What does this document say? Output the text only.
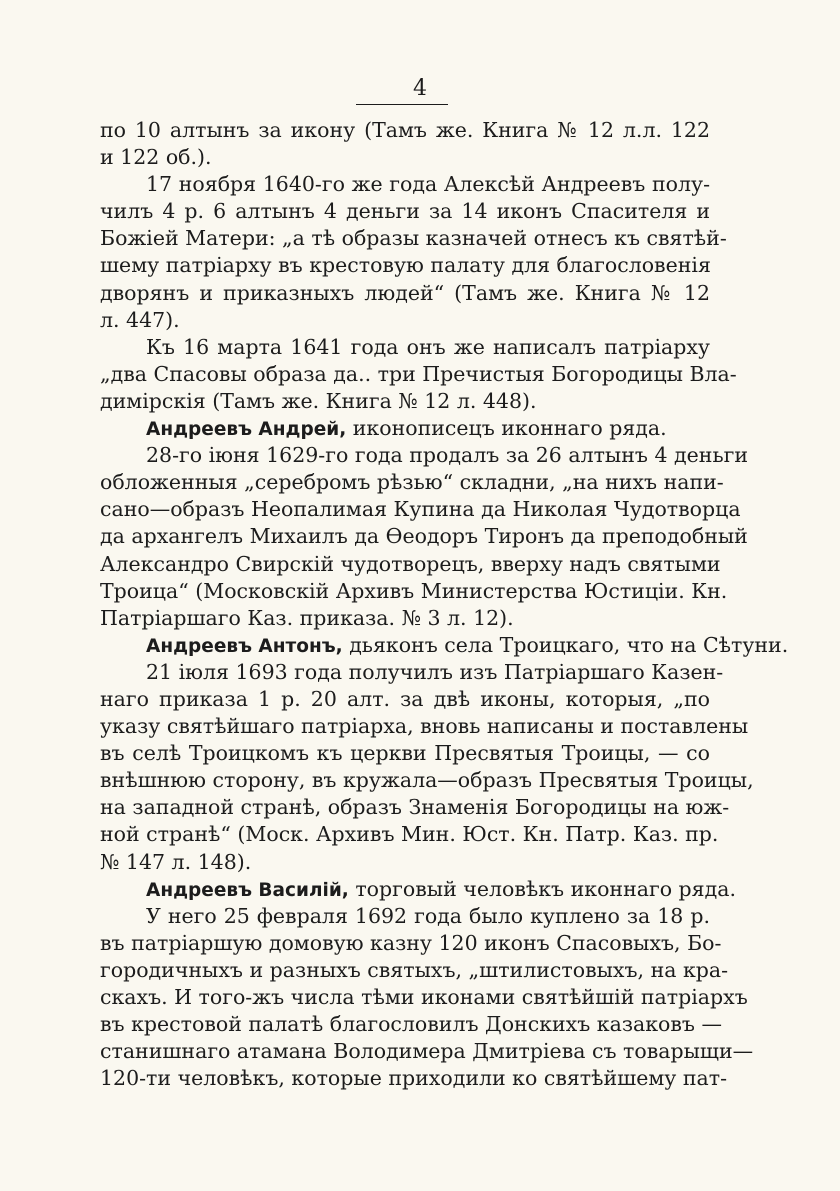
4
по 10 алтынъ за икону (Тамъ же. Книга № 12 л.л. 122
и 122 об.).
17 ноября 1640-го же года Алексѣй Андреевъ полу-
чилъ 4 р. 6 алтынъ 4 деньги за 14 иконъ Спасителя и
Божіей Матери: „а тѣ образы казначей отнесъ къ святѣй-
шему патріарху въ крестовую палату для благословенія
дворянъ и приказныхъ людей“ (Тамъ же. Книга № 12
л. 447).
Къ 16 марта 1641 года онъ же написалъ патріарху
„два Спасовы образа да.. три Пречистыя Богородицы Вла-
димірскія (Тамъ же. Книга № 12 л. 448).
Андреевъ Андрей, иконописецъ иконнаго ряда.
28-го іюня 1629-го года продалъ за 26 алтынъ 4 деньги
обложенныя „серебромъ рѣзью“ складни, „на нихъ напи-
сано—образъ Неопалимая Купина да Николая Чудотворца
да архангелъ Михаилъ да Ѳеодоръ Тиронъ да преподобный
Александро Свирскій чудотворецъ, вверху надъ святыми
Троица“ (Московскій Архивъ Министерства Юстиціи. Кн.
Патріаршаго Каз. приказа. № 3 л. 12).
Андреевъ Антонъ, дьяконъ села Троицкаго, что на Сѣтуни.
21 іюля 1693 года получилъ изъ Патріаршаго Казен-
наго приказа 1 р. 20 алт. за двѣ иконы, которыя, „по
указу святѣйшаго патріарха, вновь написаны и поставлены
въ селѣ Троицкомъ къ церкви Пресвятыя Троицы, — со
внѣшнюю сторону, въ кружала—образъ Пресвятыя Троицы,
на западной странѣ, образъ Знаменія Богородицы на юж-
ной странѣ“ (Моск. Архивъ Мин. Юст. Кн. Патр. Каз. пр.
№ 147 л. 148).
Андреевъ Василій, торговый человѣкъ иконнаго ряда.
У него 25 февраля 1692 года было куплено за 18 р.
въ патріаршую домовую казну 120 иконъ Спасовыхъ, Бо-
городичныхъ и разныхъ святыхъ, „штилистовыхъ, на кра-
скахъ. И того-жъ числа тѣми иконами святѣйшій патріархъ
въ крестовой палатѣ благословилъ Донскихъ казаковъ —
станишнаго атамана Володимера Дмитріева съ товарыщи—
120-ти человѣкъ, которые приходили ко святѣйшему пат-
